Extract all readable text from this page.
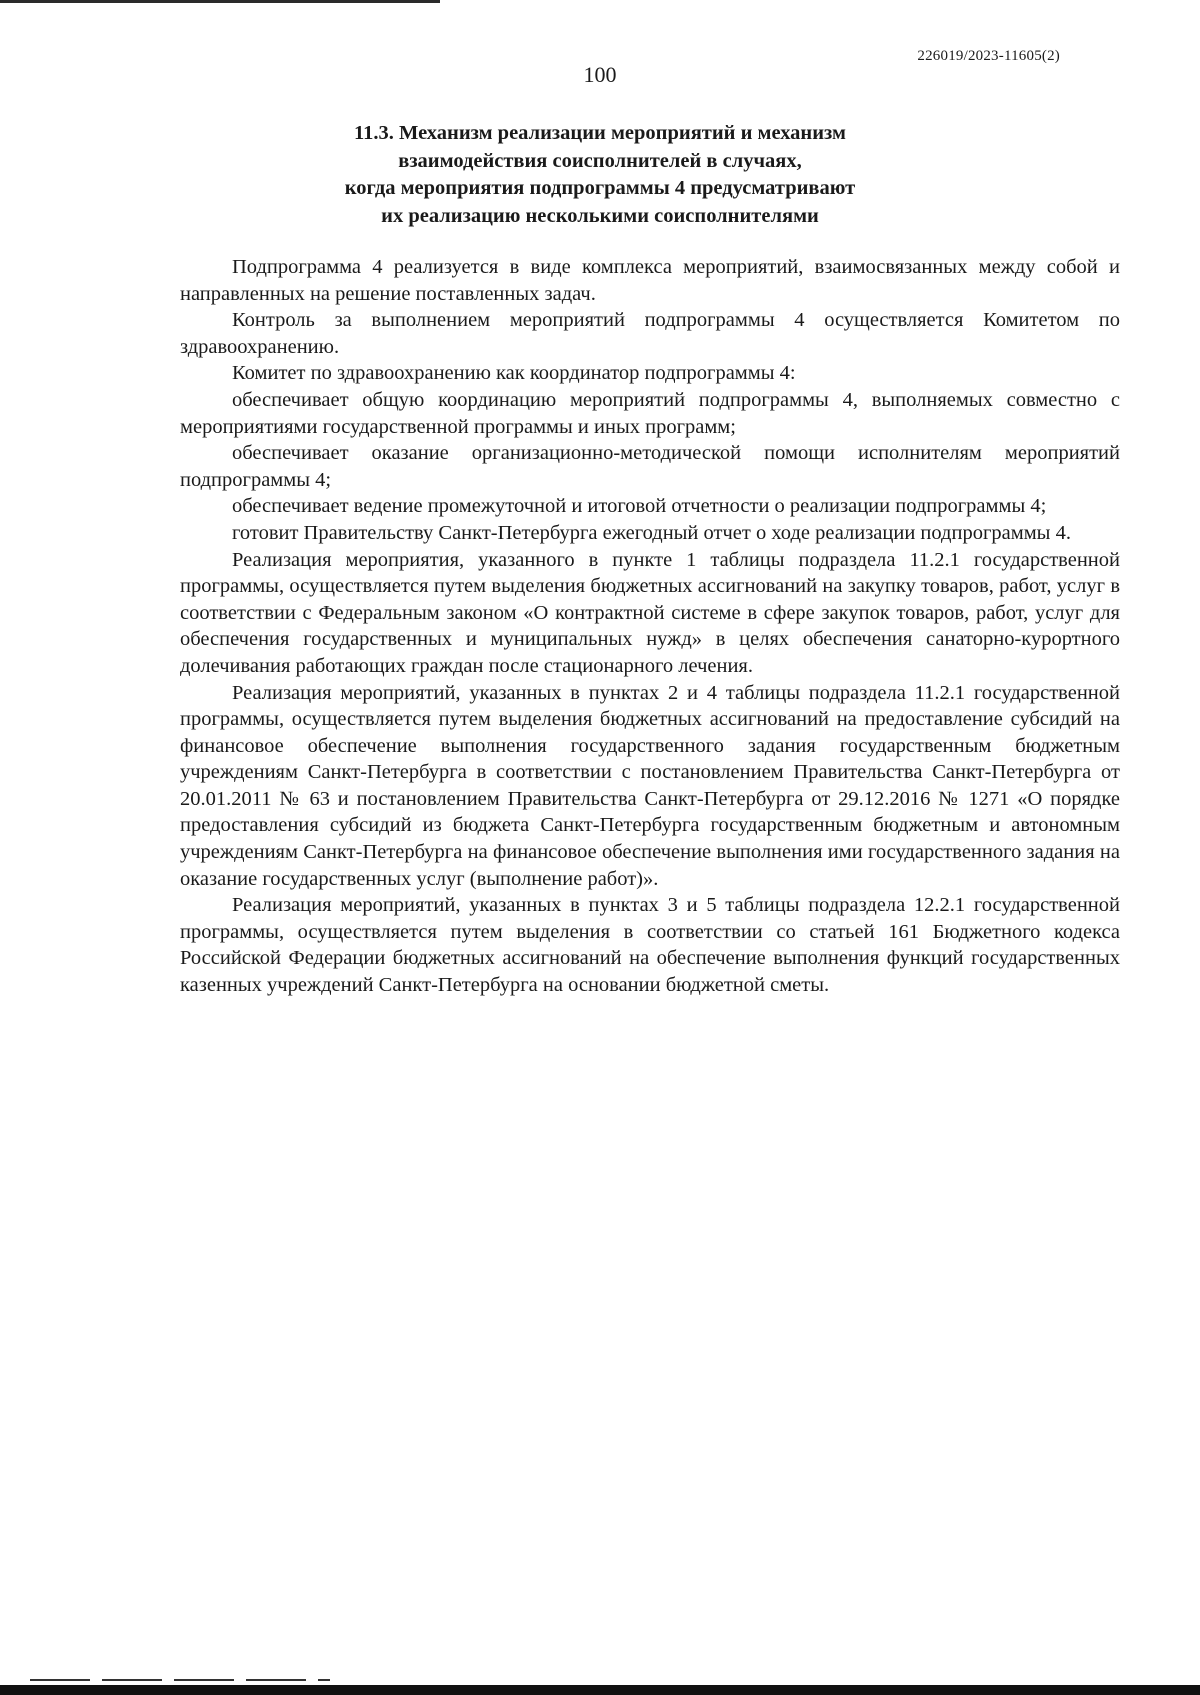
226019/2023-11605(2)
100
11.3. Механизм реализации мероприятий и механизм
взаимодействия соисполнителей в случаях,
когда мероприятия подпрограммы 4 предусматривают
их реализацию несколькими соисполнителями

Подпрограмма 4 реализуется в виде комплекса мероприятий, взаимосвязанных между собой и направленных на решение поставленных задач.

Контроль за выполнением мероприятий подпрограммы 4 осуществляется Комитетом по здравоохранению.

Комитет по здравоохранению как координатор подпрограммы 4:

обеспечивает общую координацию мероприятий подпрограммы 4, выполняемых совместно с мероприятиями государственной программы и иных программ;

обеспечивает оказание организационно-методической помощи исполнителям мероприятий подпрограммы 4;

обеспечивает ведение промежуточной и итоговой отчетности о реализации подпрограммы 4;

готовит Правительству Санкт-Петербурга ежегодный отчет о ходе реализации подпрограммы 4.

Реализация мероприятия, указанного в пункте 1 таблицы подраздела 11.2.1 государственной программы, осуществляется путем выделения бюджетных ассигнований на закупку товаров, работ, услуг в соответствии с Федеральным законом «О контрактной системе в сфере закупок товаров, работ, услуг для обеспечения государственных и муниципальных нужд» в целях обеспечения санаторно-курортного долечивания работающих граждан после стационарного лечения.

Реализация мероприятий, указанных в пунктах 2 и 4 таблицы подраздела 11.2.1 государственной программы, осуществляется путем выделения бюджетных ассигнований на предоставление субсидий на финансовое обеспечение выполнения государственного задания государственным бюджетным учреждениям Санкт-Петербурга в соответствии с постановлением Правительства Санкт-Петербурга от 20.01.2011 № 63 и постановлением Правительства Санкт-Петербурга от 29.12.2016 № 1271 «О порядке предоставления субсидий из бюджета Санкт-Петербурга государственным бюджетным и автономным учреждениям Санкт-Петербурга на финансовое обеспечение выполнения ими государственного задания на оказание государственных услуг (выполнение работ)».

Реализация мероприятий, указанных в пунктах 3 и 5 таблицы подраздела 12.2.1 государственной программы, осуществляется путем выделения в соответствии со статьей 161 Бюджетного кодекса Российской Федерации бюджетных ассигнований на обеспечение выполнения функций государственных казенных учреждений Санкт-Петербурга на основании бюджетной сметы.
